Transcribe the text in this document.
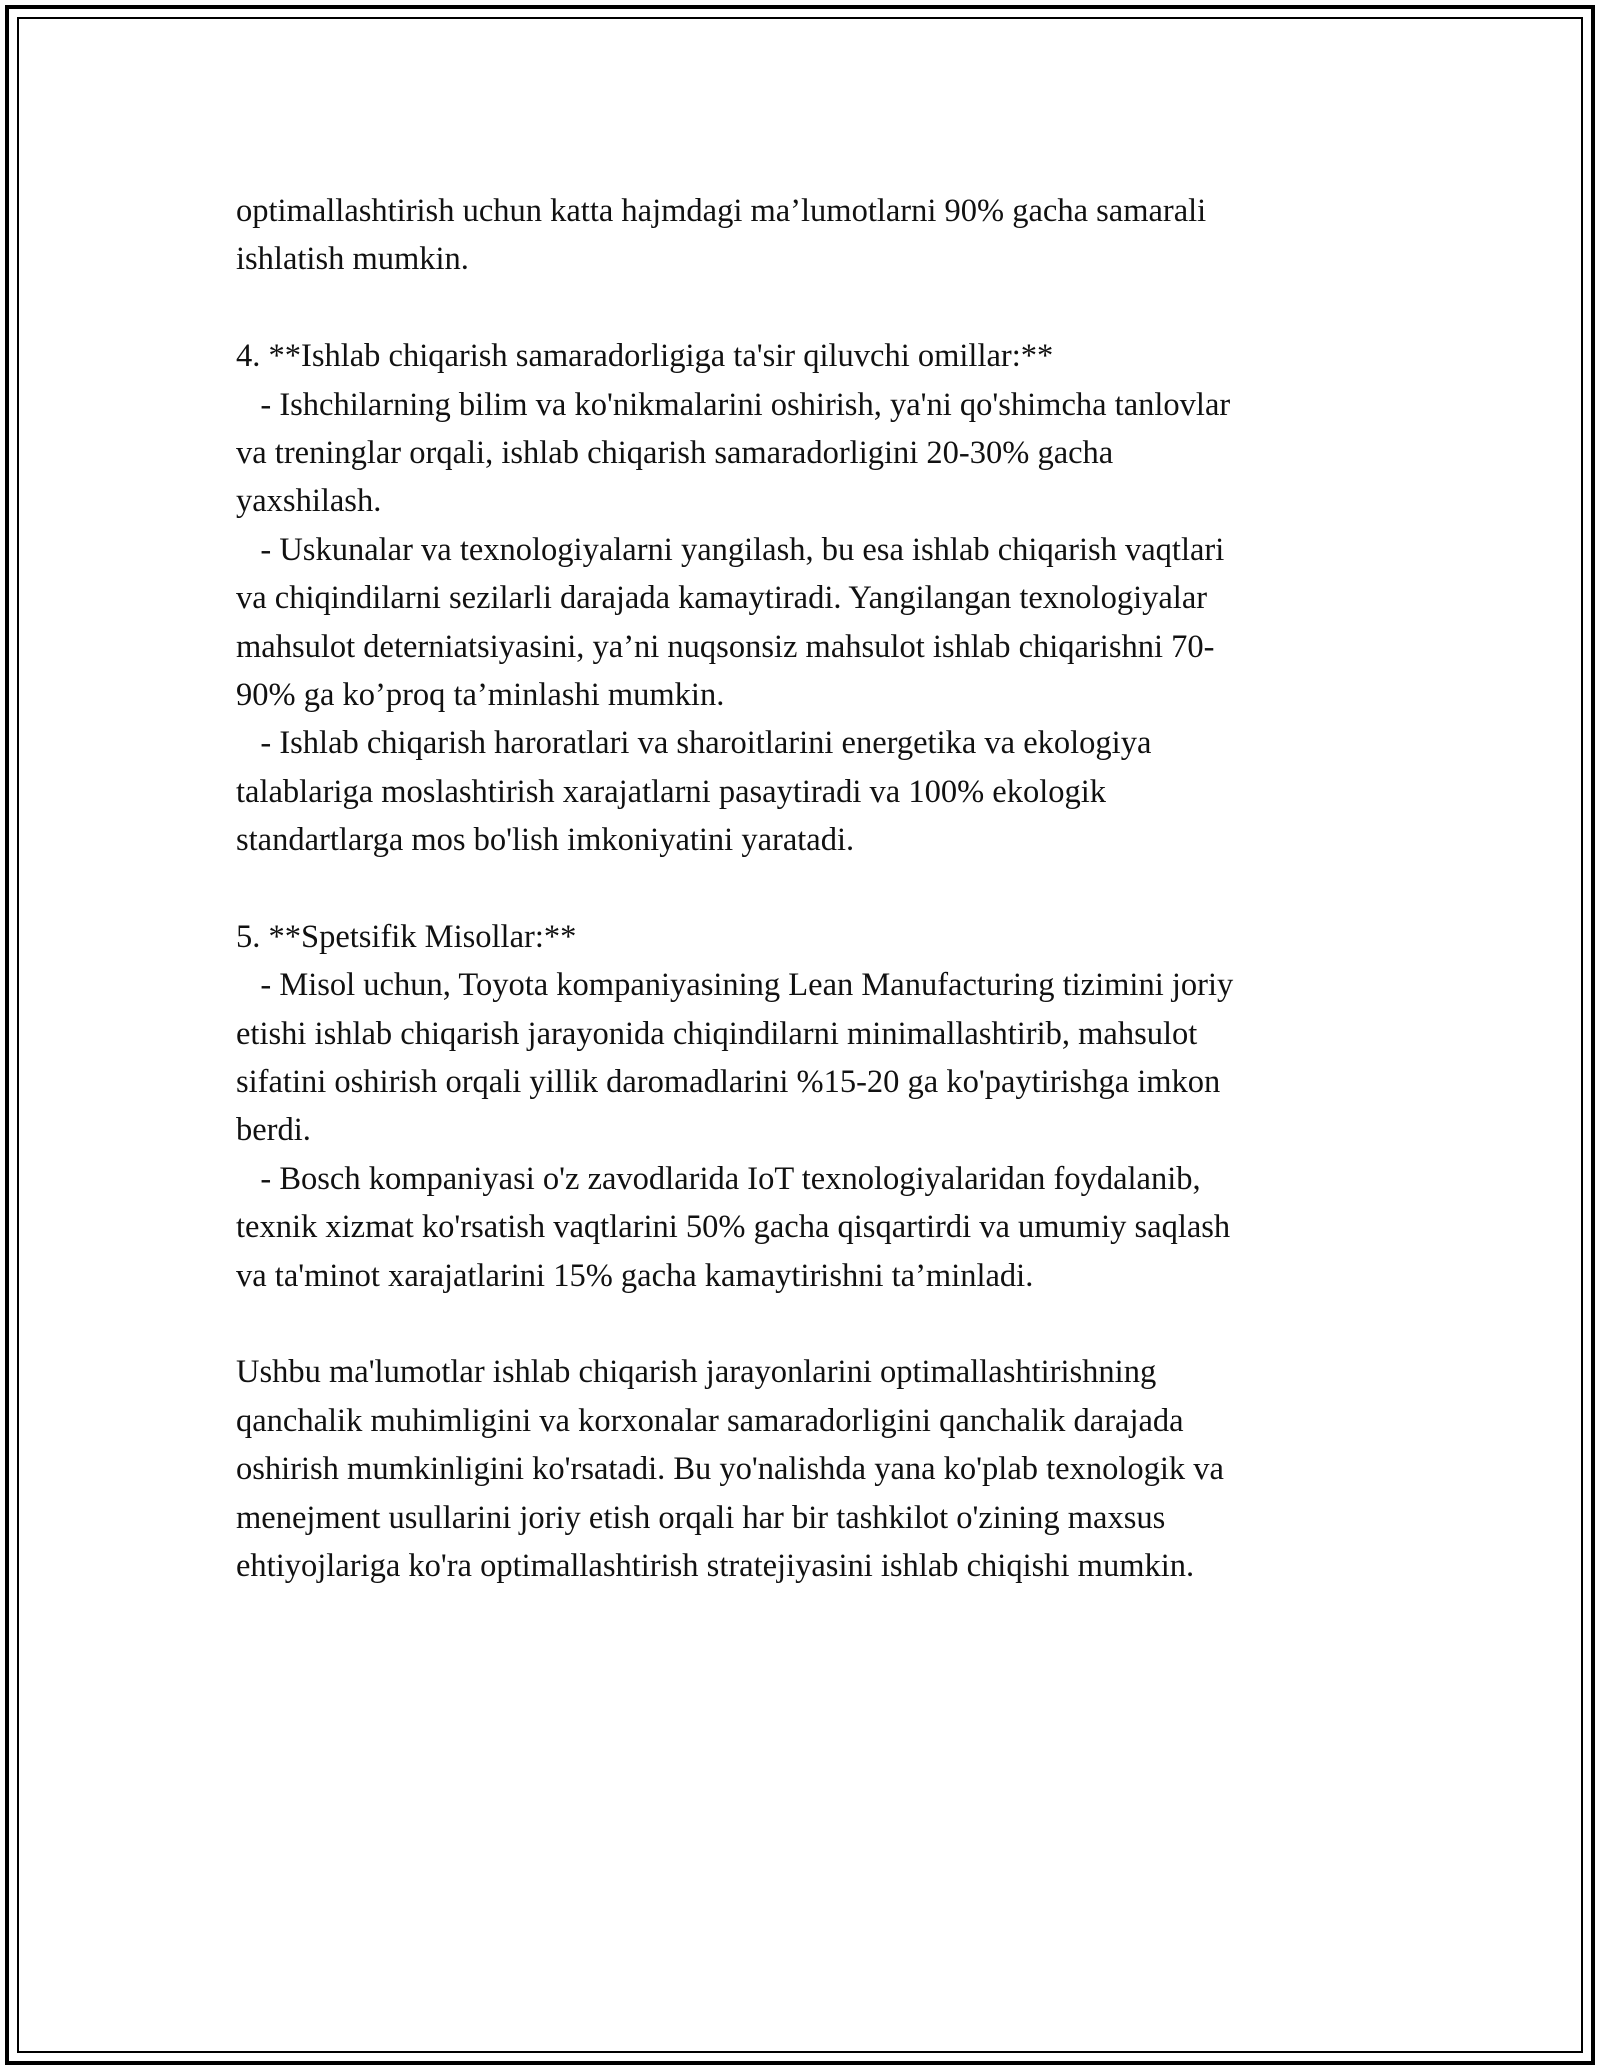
optimallashtirish uchun katta hajmdagi ma’lumotlarni 90% gacha samarali
ishlatish mumkin.
4. **Ishlab chiqarish samaradorligiga ta's​ir qiluvchi omillar:**
- Ishchilarning bilim va ko'nikmalarini oshirish, ya'ni qo'shimcha tanlovlar
va treninglar orqali, ishlab chiqarish samaradorligini 20-30% gacha
yaxshilash.
- Uskunalar va texnologiyalarni yangilash, bu esa ishlab chiqarish vaqtlari
va chiqindilarni sezilarli darajada kamaytiradi. Yangilangan texnologiyalar
mahsulot deterniatsiyasini, ya’ni nuqsonsiz mahsulot ishlab chiqarishni 70-
90% ga ko’proq ta’minlashi mumkin.
- Ishlab chiqarish haroratlari va sharoitlarini energetika va ekologiya
talablariga moslashtirish xarajatlarni pasaytiradi va 100% ekologik
standartlarga mos bo'lish imkoniyatini yaratadi.
5. **Spetsifik Misollar:**
- Misol uchun, Toyota kompaniyasining Lean Manufacturing tizimini joriy
etishi ishlab chiqarish jarayonida chiqindilarni minimallashtirib, mahsulot
sifatini oshirish orqali yillik daromadlarini %15-20 ga ko'paytirishga imkon
berdi.
- Bosch kompaniyasi o'z zavodlarida IoT texnologiyalaridan foydalanib,
texnik xizmat ko'rsatish vaqtlarini 50% gacha qisqartirdi va umumiy saqlash
va ta'minot xarajatlarini 15% gacha kamaytirishni ta’minladi.
Ushbu ma'lumotlar ishlab chiqarish jarayonlarini optimallashtirishning
qanchalik muhimligini va korxonalar samaradorligini qanchalik darajada
oshirish mumkinligini ko'rsatadi. Bu yo'nalishda yana ko'plab texnologik va
menejment usullarini joriy etish orqali har bir tashkilot o'zining maxsus
ehtiyojlariga ko'ra optimallashtirish stratejiyasini ishlab chiqishi mumkin.
